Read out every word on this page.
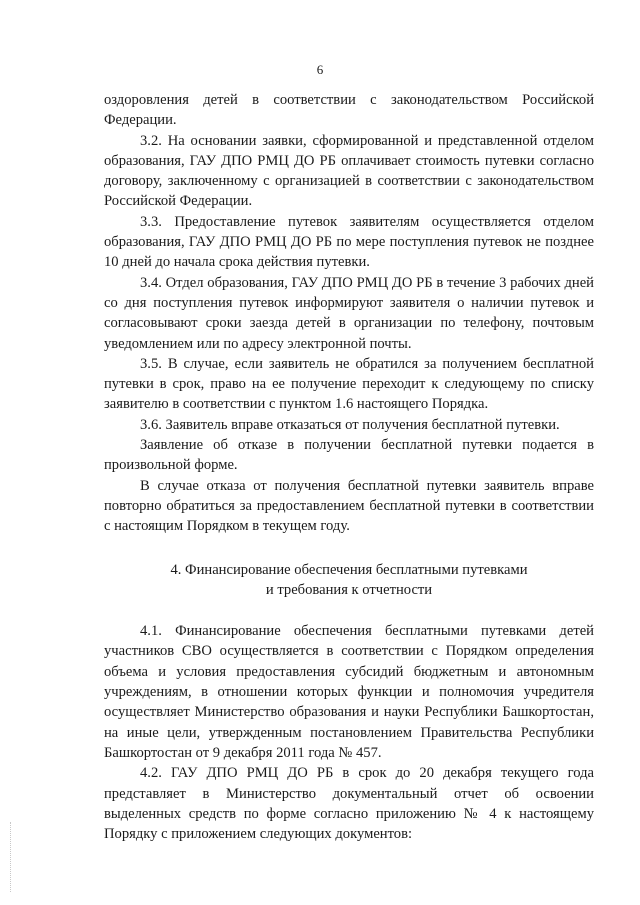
6

оздоровления детей в соответствии с законодательством Российской Федерации.

3.2. На основании заявки, сформированной и представленной отделом образования, ГАУ ДПО РМЦ ДО РБ оплачивает стоимость путевки согласно договору, заключенному с организацией в соответствии с законодательством Российской Федерации.

3.3. Предоставление путевок заявителям осуществляется отделом образования, ГАУ ДПО РМЦ ДО РБ по мере поступления путевок не позднее 10 дней до начала срока действия путевки.

3.4. Отдел образования, ГАУ ДПО РМЦ ДО РБ в течение 3 рабочих дней со дня поступления путевок информируют заявителя о наличии путевок и согласовывают сроки заезда детей в организации по телефону, почтовым уведомлением или по адресу электронной почты.

3.5. В случае, если заявитель не обратился за получением бесплатной путевки в срок, право на ее получение переходит к следующему по списку заявителю в соответствии с пунктом 1.6 настоящего Порядка.

3.6. Заявитель вправе отказаться от получения бесплатной путевки.

Заявление об отказе в получении бесплатной путевки подается в произвольной форме.

В случае отказа от получения бесплатной путевки заявитель вправе повторно обратиться за предоставлением бесплатной путевки в соответствии с настоящим Порядком в текущем году.

4. Финансирование обеспечения бесплатными путевками
и требования к отчетности

4.1. Финансирование обеспечения бесплатными путевками детей участников СВО осуществляется в соответствии с Порядком определения объема и условия предоставления субсидий бюджетным и автономным учреждениям, в отношении которых функции и полномочия учредителя осуществляет Министерство образования и науки Республики Башкортостан, на иные цели, утвержденным постановлением Правительства Республики Башкортостан от 9 декабря 2011 года № 457.

4.2. ГАУ ДПО РМЦ ДО РБ в срок до 20 декабря текущего года представляет в Министерство документальный отчет об освоении выделенных средств по форме согласно приложению № 4 к настоящему Порядку с приложением следующих документов:
